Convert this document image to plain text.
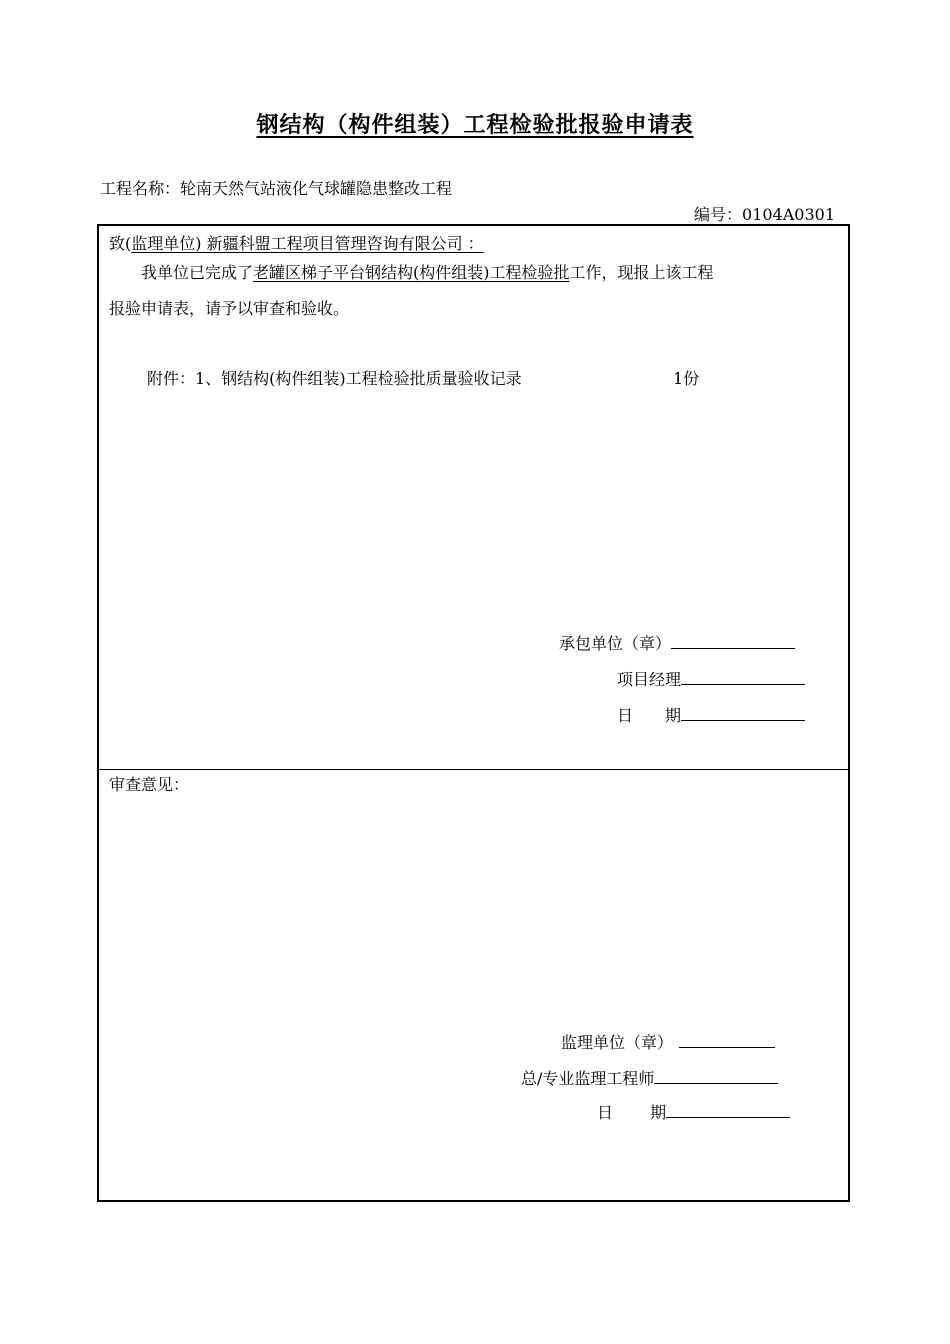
钢结构（构件组装）工程检验批报验申请表
工程名称：轮南天然气站液化气球罐隐患整改工程
编号：0104A0301
致(监理单位) 新疆科盟工程项目管理咨询有限公司 ：
我单位已完成了老罐区梯子平台钢结构(构件组装)工程检验批工作，现报上该工程
报验申请表，请予以审查和验收。
附件：1、钢结构(构件组装)工程检验批质量验收记录	1份
承包单位（章）
项目经理
日　　期
审查意见：
监理单位（章）
总/专业监理工程师
日　　 期
